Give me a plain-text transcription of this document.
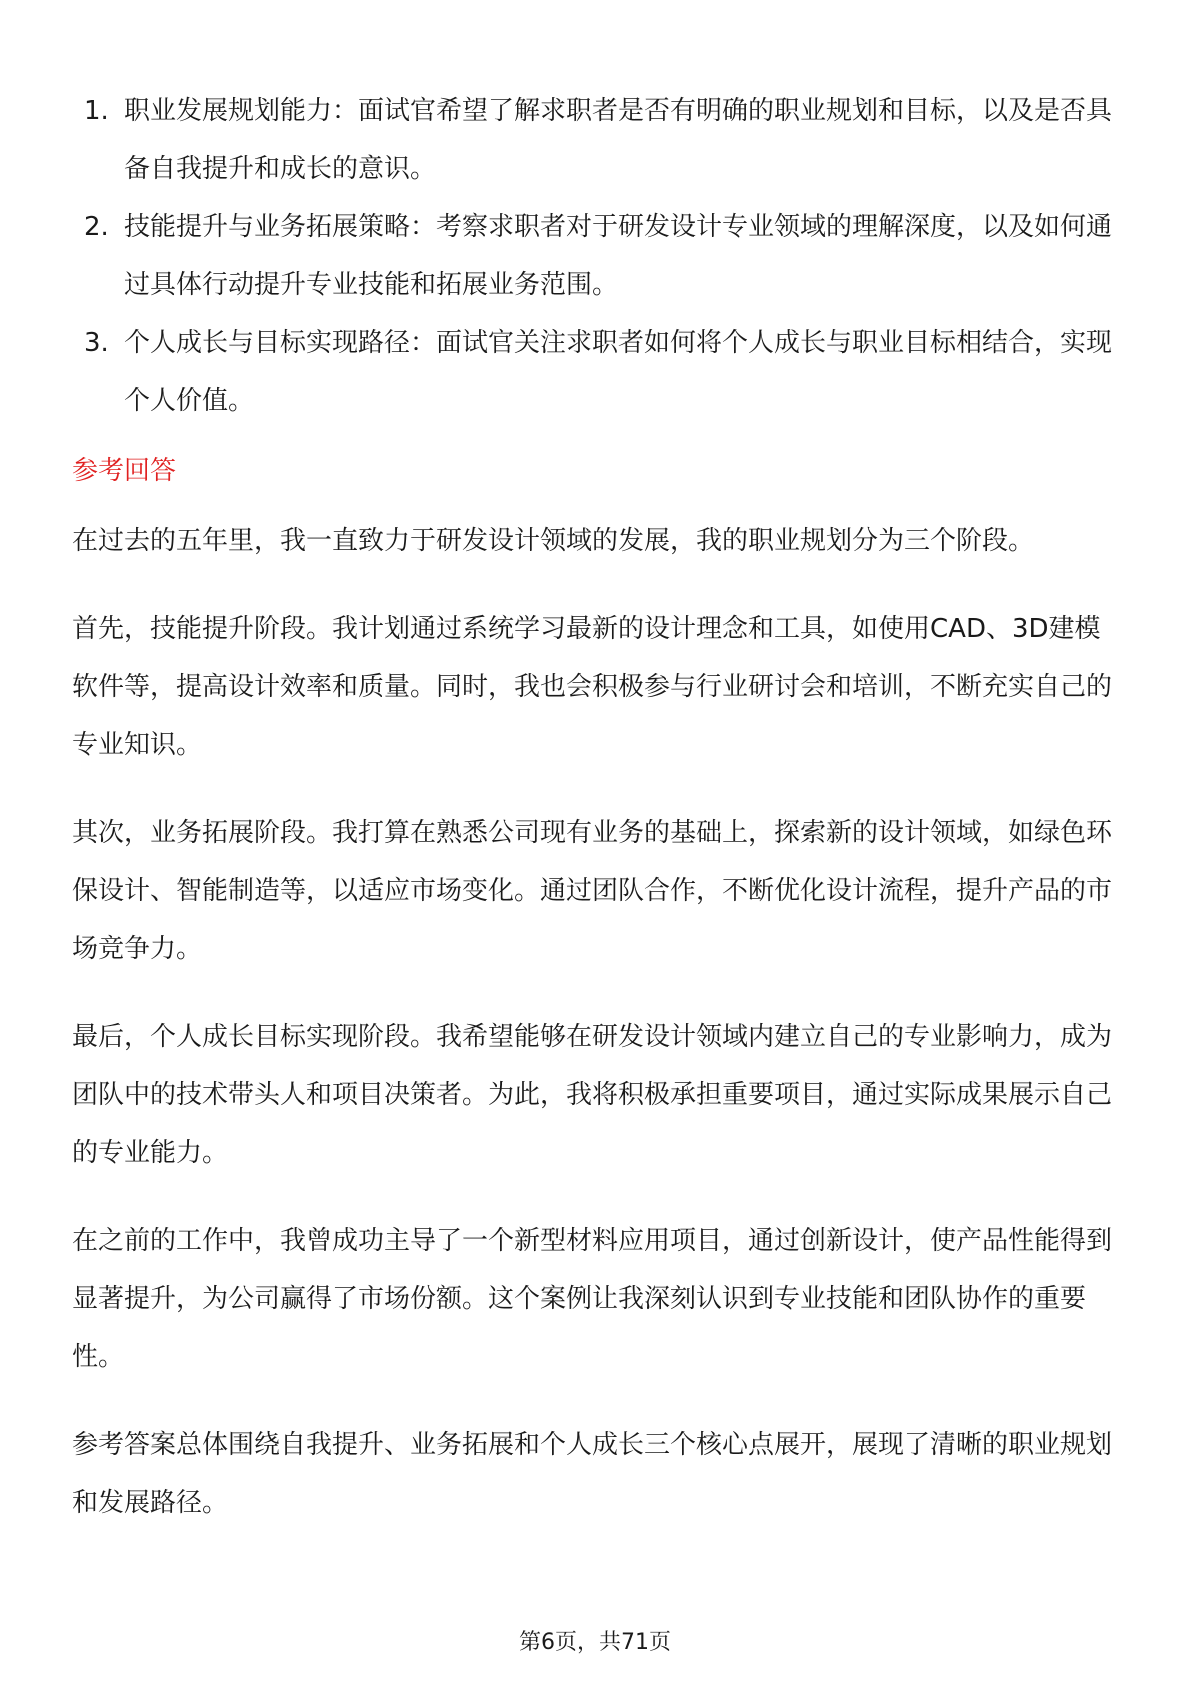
1. 职业发展规划能力：面试官希望了解求职者是否有明确的职业规划和目标，以及是否具备自我提升和成长的意识。
2. 技能提升与业务拓展策略：考察求职者对于研发设计专业领域的理解深度，以及如何通过具体行动提升专业技能和拓展业务范围。
3. 个人成长与目标实现路径：面试官关注求职者如何将个人成长与职业目标相结合，实现个人价值。
参考回答

在过去的五年里，我一直致力于研发设计领域的发展，我的职业规划分为三个阶段。

首先，技能提升阶段。我计划通过系统学习最新的设计理念和工具，如使用CAD、3D建模软件等，提高设计效率和质量。同时，我也会积极参与行业研讨会和培训，不断充实自己的专业知识。

其次，业务拓展阶段。我打算在熟悉公司现有业务的基础上，探索新的设计领域，如绿色环保设计、智能制造等，以适应市场变化。通过团队合作，不断优化设计流程，提升产品的市场竞争力。

最后，个人成长目标实现阶段。我希望能够在研发设计领域内建立自己的专业影响力，成为团队中的技术带头人和项目决策者。为此，我将积极承担重要项目，通过实际成果展示自己的专业能力。

在之前的工作中，我曾成功主导了一个新型材料应用项目，通过创新设计，使产品性能得到显著提升，为公司赢得了市场份额。这个案例让我深刻认识到专业技能和团队协作的重要性。

参考答案总体围绕自我提升、业务拓展和个人成长三个核心点展开，展现了清晰的职业规划和发展路径。

第6页，共71页
